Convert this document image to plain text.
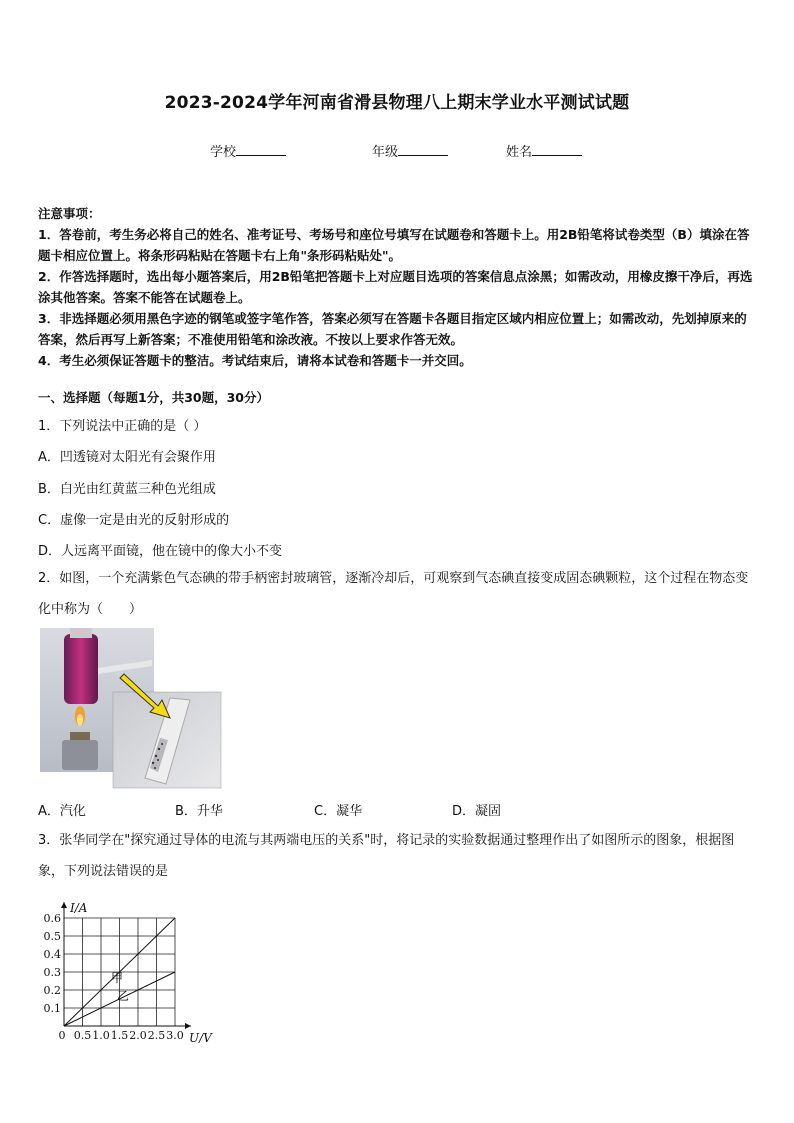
2023-2024学年河南省滑县物理八上期末学业水平测试试题
学校	年级	姓名

注意事项：

1．答卷前，考生务必将自己的姓名、准考证号、考场号和座位号填写在试题卷和答题卡上。用2B铅笔将试卷类型（B）填涂在答题卡相应位置上。将条形码粘贴在答题卡右上角"条形码粘贴处"。

2．作答选择题时，选出每小题答案后，用2B铅笔把答题卡上对应题目选项的答案信息点涂黑；如需改动，用橡皮擦干净后，再选涂其他答案。答案不能答在试题卷上。

3．非选择题必须用黑色字迹的钢笔或签字笔作答，答案必须写在答题卡各题目指定区域内相应位置上；如需改动，先划掉原来的答案，然后再写上新答案；不准使用铅笔和涂改液。不按以上要求作答无效。

4．考生必须保证答题卡的整洁。考试结束后，请将本试卷和答题卡一并交回。

一、选择题（每题1分，共30题，30分）
1．下列说法中正确的是（ ）
A．凹透镜对太阳光有会聚作用
B．白光由红黄蓝三种色光组成
C．虚像一定是由光的反射形成的
D．人远离平面镜，他在镜中的像大小不变
2．如图，一个充满紫色气态碘的带手柄密封玻璃管，逐渐冷却后，可观察到气态碘直接变成固态碘颗粒，这个过程在物态变化中称为（　　）
A．汽化	B．升华	C．凝华	D．凝固
3．张华同学在"探究通过导体的电流与其两端电压的关系"时，将记录的实验数据通过整理作出了如图所示的图象，根据图象，下列说法错误的是
0 0.5 1.0 1.5 2.0 2.5 3.0
0.1
0.2
0.3
0.4
0.5
0.6
U/V
I/A
甲
乙
